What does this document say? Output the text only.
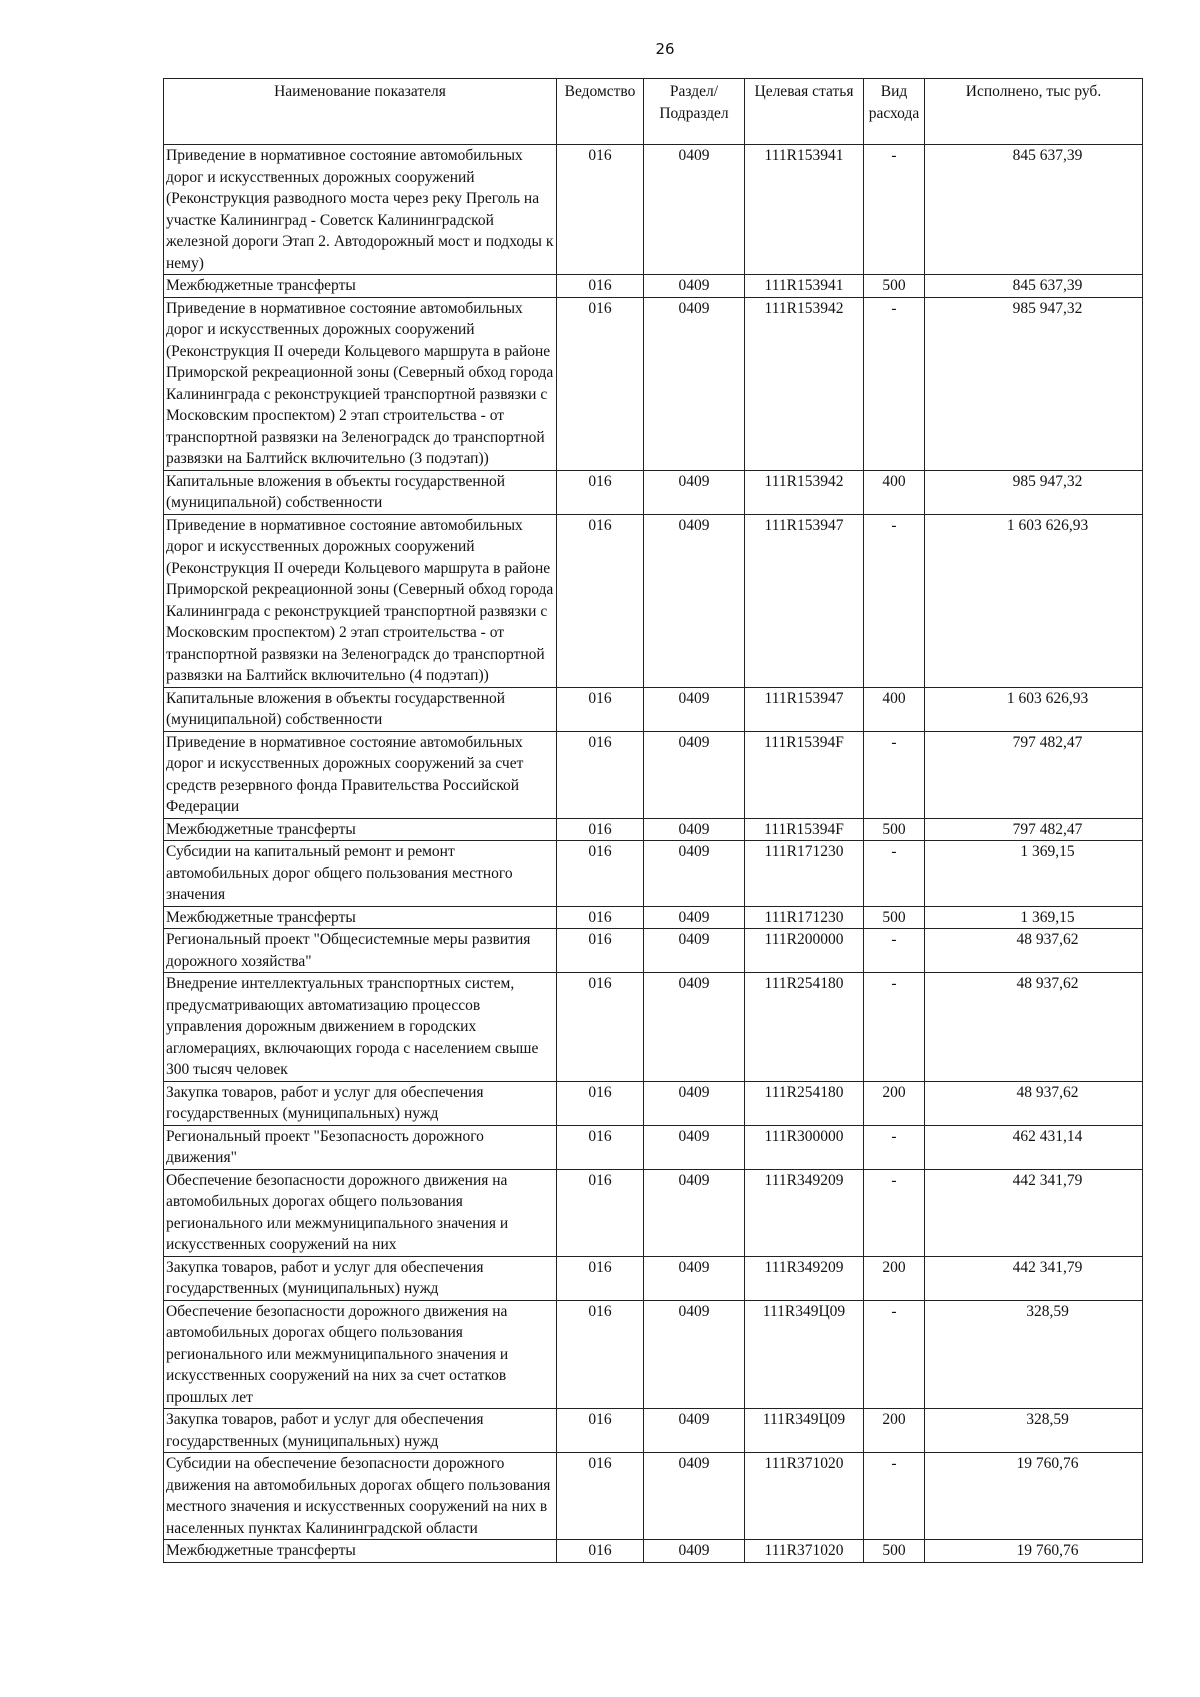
26
Наименование показателя	Ведомство	Раздел/ Подраздел	Целевая статья	Вид расхода	Исполнено, тыс руб.
Приведение в нормативное состояние автомобильных дорог и искусственных дорожных сооружений (Реконструкция разводного моста через реку Преголь на участке Калининград - Советск Калининградской железной дороги Этап 2. Автодорожный мост и подходы к нему)	016	0409	111R153941	-	845 637,39
Межбюджетные трансферты	016	0409	111R153941	500	845 637,39
Приведение в нормативное состояние автомобильных дорог и искусственных дорожных сооружений (Реконструкция II очереди Кольцевого маршрута в районе Приморской рекреационной зоны (Северный обход города Калининграда с реконструкцией транспортной развязки с Московским проспектом) 2 этап строительства - от транспортной развязки на Зеленоградск до транспортной развязки на Балтийск включительно (3 подэтап))	016	0409	111R153942	-	985 947,32
Капитальные вложения в объекты государственной (муниципальной) собственности	016	0409	111R153942	400	985 947,32
Приведение в нормативное состояние автомобильных дорог и искусственных дорожных сооружений (Реконструкция II очереди Кольцевого маршрута в районе Приморской рекреационной зоны (Северный обход города Калининграда с реконструкцией транспортной развязки с Московским проспектом) 2 этап строительства - от транспортной развязки на Зеленоградск до транспортной развязки на Балтийск включительно (4 подэтап))	016	0409	111R153947	-	1 603 626,93
Капитальные вложения в объекты государственной (муниципальной) собственности	016	0409	111R153947	400	1 603 626,93
Приведение в нормативное состояние автомобильных дорог и искусственных дорожных сооружений за счет средств резервного фонда Правительства Российской Федерации	016	0409	111R15394F	-	797 482,47
Межбюджетные трансферты	016	0409	111R15394F	500	797 482,47
Субсидии на капитальный ремонт и ремонт автомобильных дорог общего пользования местного значения	016	0409	111R171230	-	1 369,15
Межбюджетные трансферты	016	0409	111R171230	500	1 369,15
Региональный проект "Общесистемные меры развития дорожного хозяйства"	016	0409	111R200000	-	48 937,62
Внедрение интеллектуальных транспортных систем, предусматривающих автоматизацию процессов управления дорожным движением в городских агломерациях, включающих города с населением свыше 300 тысяч человек	016	0409	111R254180	-	48 937,62
Закупка товаров, работ и услуг для обеспечения государственных (муниципальных) нужд	016	0409	111R254180	200	48 937,62
Региональный проект "Безопасность дорожного движения"	016	0409	111R300000	-	462 431,14
Обеспечение безопасности дорожного движения на автомобильных дорогах общего пользования регионального или межмуниципального значения и искусственных сооружений на них	016	0409	111R349209	-	442 341,79
Закупка товаров, работ и услуг для обеспечения государственных (муниципальных) нужд	016	0409	111R349209	200	442 341,79
Обеспечение безопасности дорожного движения на автомобильных дорогах общего пользования регионального или межмуниципального значения и искусственных сооружений на них за счет остатков прошлых лет	016	0409	111R349Ц09	-	328,59
Закупка товаров, работ и услуг для обеспечения государственных (муниципальных) нужд	016	0409	111R349Ц09	200	328,59
Субсидии на обеспечение безопасности дорожного движения на автомобильных дорогах общего пользования местного значения и искусственных сооружений на них в населенных пунктах Калининградской области	016	0409	111R371020	-	19 760,76
Межбюджетные трансферты	016	0409	111R371020	500	19 760,76
